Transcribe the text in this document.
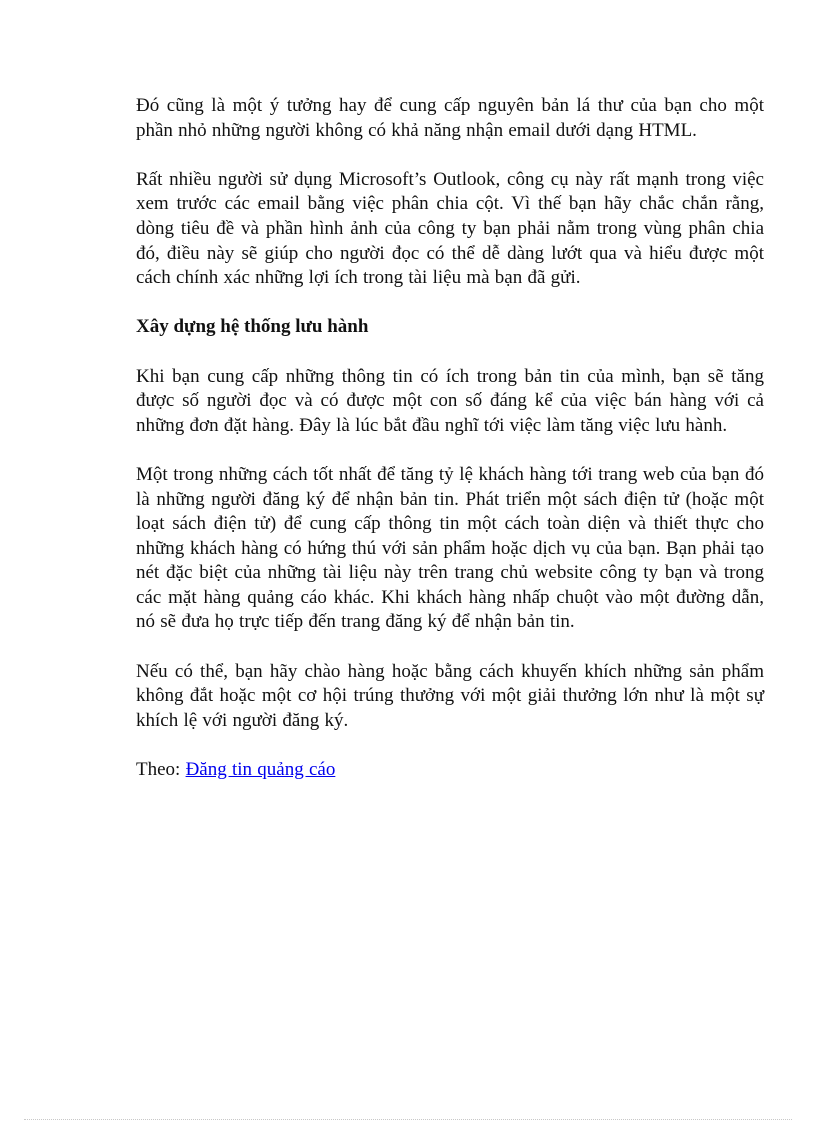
Đó cũng là một ý tưởng hay để cung cấp nguyên bản lá thư của bạn cho một phần nhỏ những người không có khả năng nhận email dưới dạng HTML.

Rất nhiều người sử dụng Microsoft’s Outlook, công cụ này rất mạnh trong việc xem trước các email bằng việc phân chia cột. Vì thế bạn hãy chắc chắn rằng, dòng tiêu đề và phần hình ảnh của công ty bạn phải nằm trong vùng phân chia đó, điều này sẽ giúp cho người đọc có thể dễ dàng lướt qua và hiểu được một cách chính xác những lợi ích trong tài liệu mà bạn đã gửi.

Xây dựng hệ thống lưu hành

Khi bạn cung cấp những thông tin có ích trong bản tin của mình, bạn sẽ tăng được số người đọc và có được một con số đáng kể của việc bán hàng với cả những đơn đặt hàng. Đây là lúc bắt đầu nghĩ tới việc làm tăng việc lưu hành.

Một trong những cách tốt nhất để tăng tỷ lệ khách hàng tới trang web của bạn đó là những người đăng ký để nhận bản tin. Phát triển một sách điện tử (hoặc một loạt sách điện tử) để cung cấp thông tin một cách toàn diện và thiết thực cho những khách hàng có hứng thú với sản phẩm hoặc dịch vụ của bạn. Bạn phải tạo nét đặc biệt của những tài liệu này trên trang chủ website công ty bạn và trong các mặt hàng quảng cáo khác. Khi khách hàng nhấp chuột vào một đường dẫn, nó sẽ đưa họ trực tiếp đến trang đăng ký để nhận bản tin.

Nếu có thể, bạn hãy chào hàng hoặc bằng cách khuyến khích những sản phẩm không đắt hoặc một cơ hội trúng thưởng với một giải thưởng lớn như là một sự khích lệ với người đăng ký.

Theo: Đăng tin quảng cáo
